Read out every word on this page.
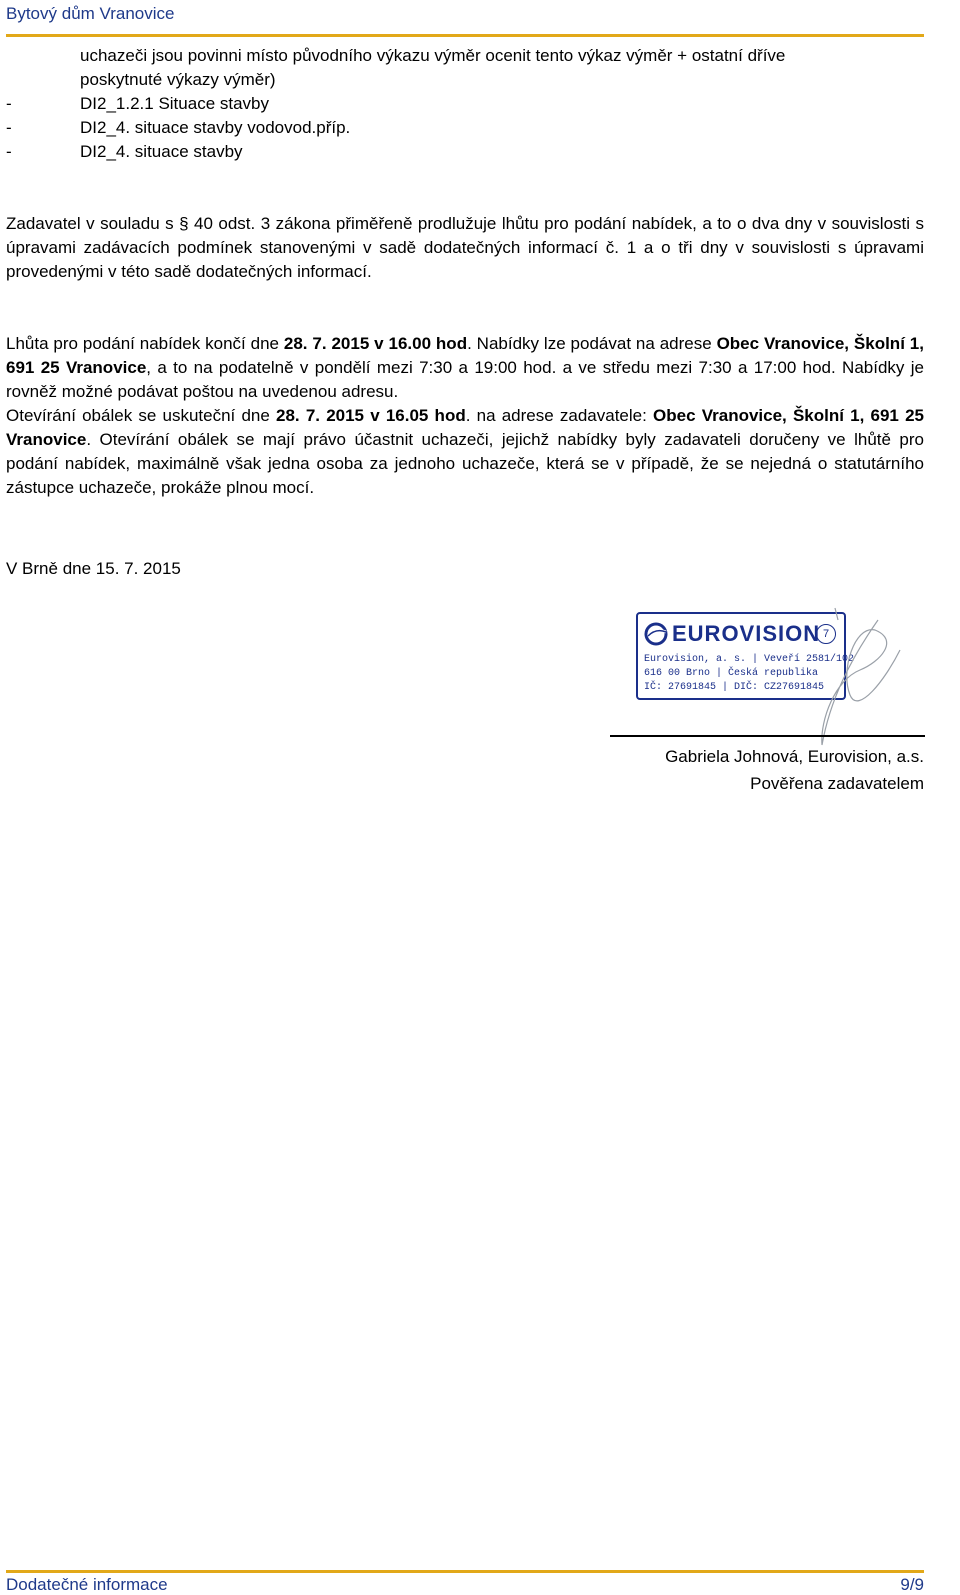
Bytový dům Vranovice

uchazeči jsou povinni místo původního výkazu výměr ocenit tento výkaz výměr + ostatní dříve

poskytnuté výkazy výměr)

-	DI2_1.2.1 Situace stavby

-	DI2_4. situace stavby vodovod.příp.

-	DI2_4. situace stavby

Zadavatel v souladu s § 40 odst. 3 zákona přiměřeně prodlužuje lhůtu pro podání nabídek, a to o dva dny v souvislosti s úpravami zadávacích podmínek stanovenými v sadě dodatečných informací č. 1 a o tři dny v souvislosti s úpravami provedenými v této sadě dodatečných informací.

Lhůta pro podání nabídek končí dne 28. 7. 2015 v 16.00 hod. Nabídky lze podávat na adrese Obec Vranovice, Školní 1, 691 25 Vranovice, a to na podatelně v pondělí mezi 7:30 a 19:00 hod. a ve středu mezi 7:30 a 17:00 hod. Nabídky je rovněž možné podávat poštou na uvedenou adresu.

Otevírání obálek se uskuteční dne 28. 7. 2015 v 16.05 hod. na adrese zadavatele: Obec Vranovice, Školní 1, 691 25 Vranovice. Otevírání obálek se mají právo účastnit uchazeči, jejichž nabídky byly zadavateli doručeny ve lhůtě pro podání nabídek, maximálně však jedna osoba za jednoho uchazeče, která se v případě, že se nejedná o statutárního zástupce uchazeče, prokáže plnou mocí.

V Brně dne 15. 7. 2015
EUROVISION 7
Eurovision, a. s. | Veveří 2581/102
616 00 Brno | Česká republika
IČ: 27691845 | DIČ: CZ27691845
Gabriela Johnová, Eurovision, a.s.
Pověřena zadavatelem
Dodatečné informace	9/9
